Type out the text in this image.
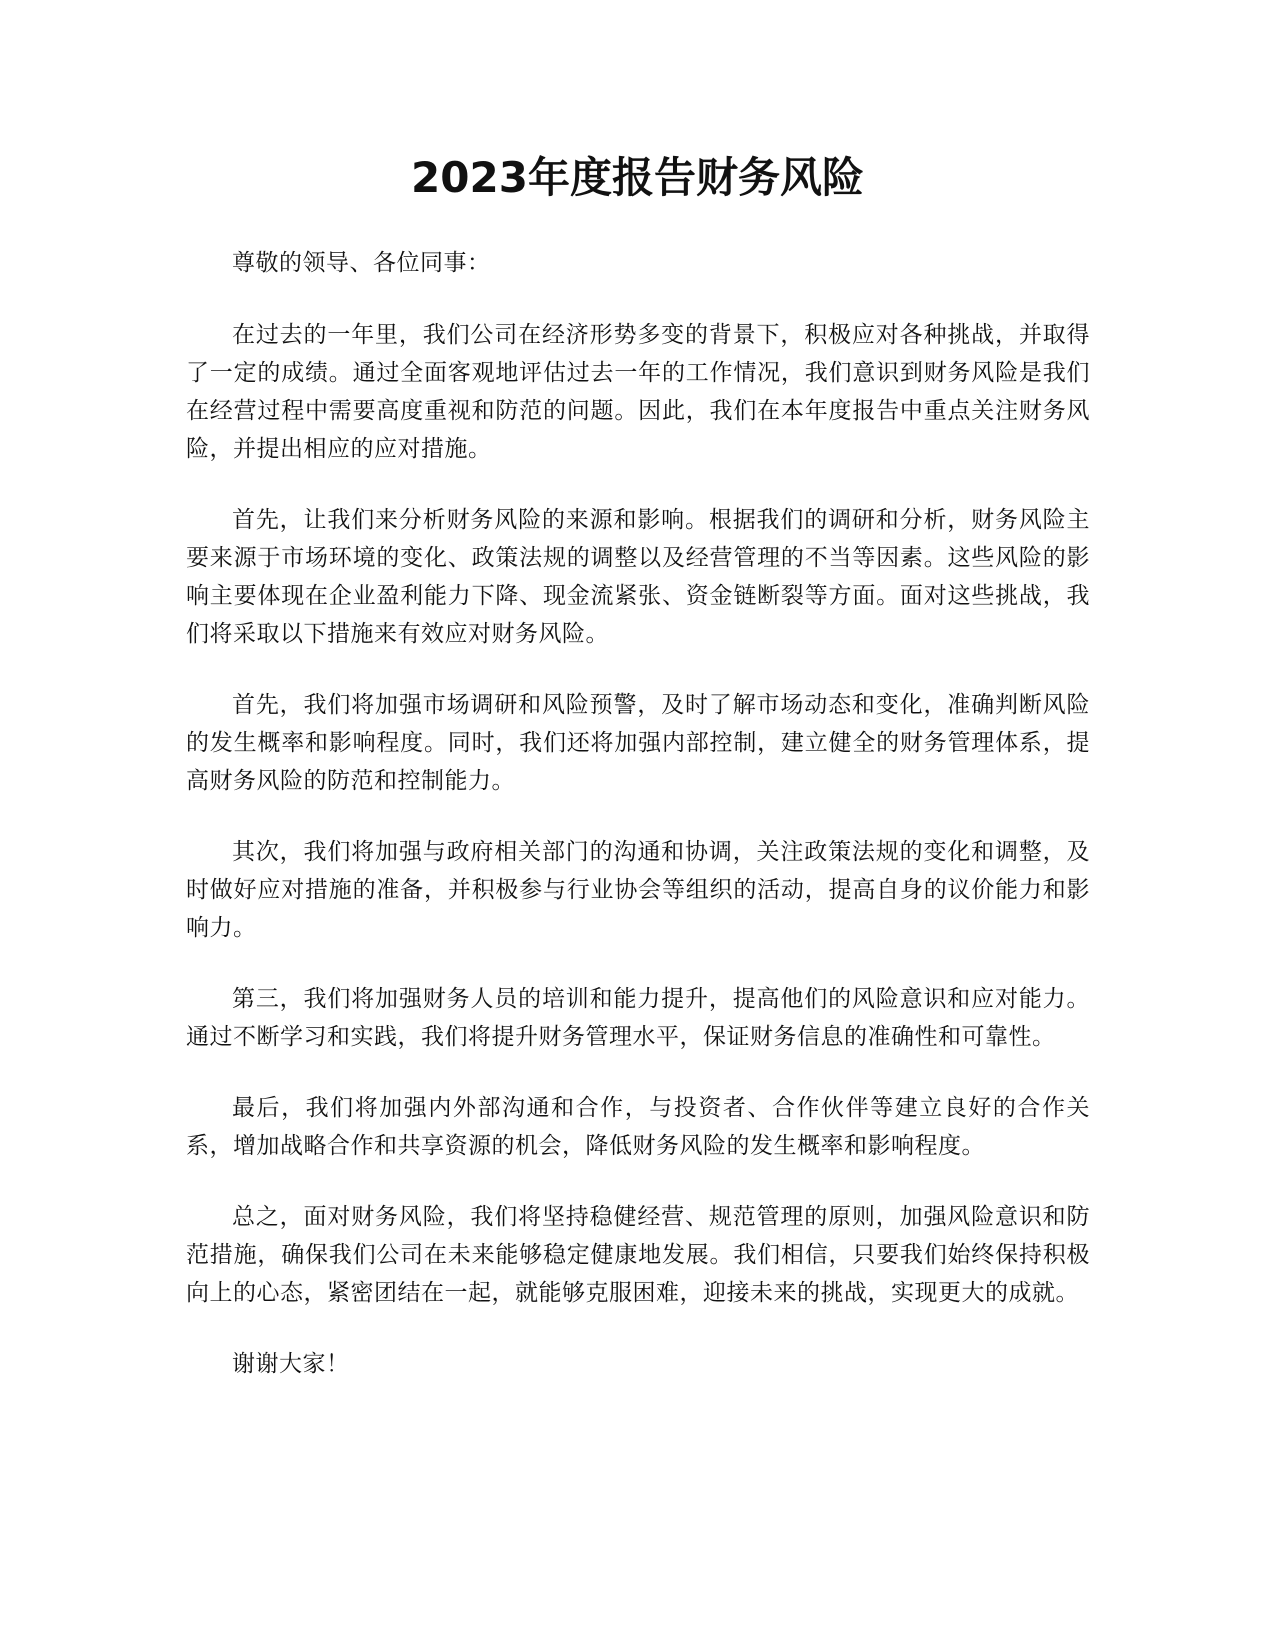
2023年度报告财务风险

尊敬的领导、各位同事：

在过去的一年里，我们公司在经济形势多变的背景下，积极应对各种挑战，并取得了一定的成绩。通过全面客观地评估过去一年的工作情况，我们意识到财务风险是我们在经营过程中需要高度重视和防范的问题。因此，我们在本年度报告中重点关注财务风险，并提出相应的应对措施。

首先，让我们来分析财务风险的来源和影响。根据我们的调研和分析，财务风险主要来源于市场环境的变化、政策法规的调整以及经营管理的不当等因素。这些风险的影响主要体现在企业盈利能力下降、现金流紧张、资金链断裂等方面。面对这些挑战，我们将采取以下措施来有效应对财务风险。

首先，我们将加强市场调研和风险预警，及时了解市场动态和变化，准确判断风险的发生概率和影响程度。同时，我们还将加强内部控制，建立健全的财务管理体系，提高财务风险的防范和控制能力。

其次，我们将加强与政府相关部门的沟通和协调，关注政策法规的变化和调整，及时做好应对措施的准备，并积极参与行业协会等组织的活动，提高自身的议价能力和影响力。

第三，我们将加强财务人员的培训和能力提升，提高他们的风险意识和应对能力。通过不断学习和实践，我们将提升财务管理水平，保证财务信息的准确性和可靠性。

最后，我们将加强内外部沟通和合作，与投资者、合作伙伴等建立良好的合作关系，增加战略合作和共享资源的机会，降低财务风险的发生概率和影响程度。

总之，面对财务风险，我们将坚持稳健经营、规范管理的原则，加强风险意识和防范措施，确保我们公司在未来能够稳定健康地发展。我们相信，只要我们始终保持积极向上的心态，紧密团结在一起，就能够克服困难，迎接未来的挑战，实现更大的成就。

谢谢大家！
